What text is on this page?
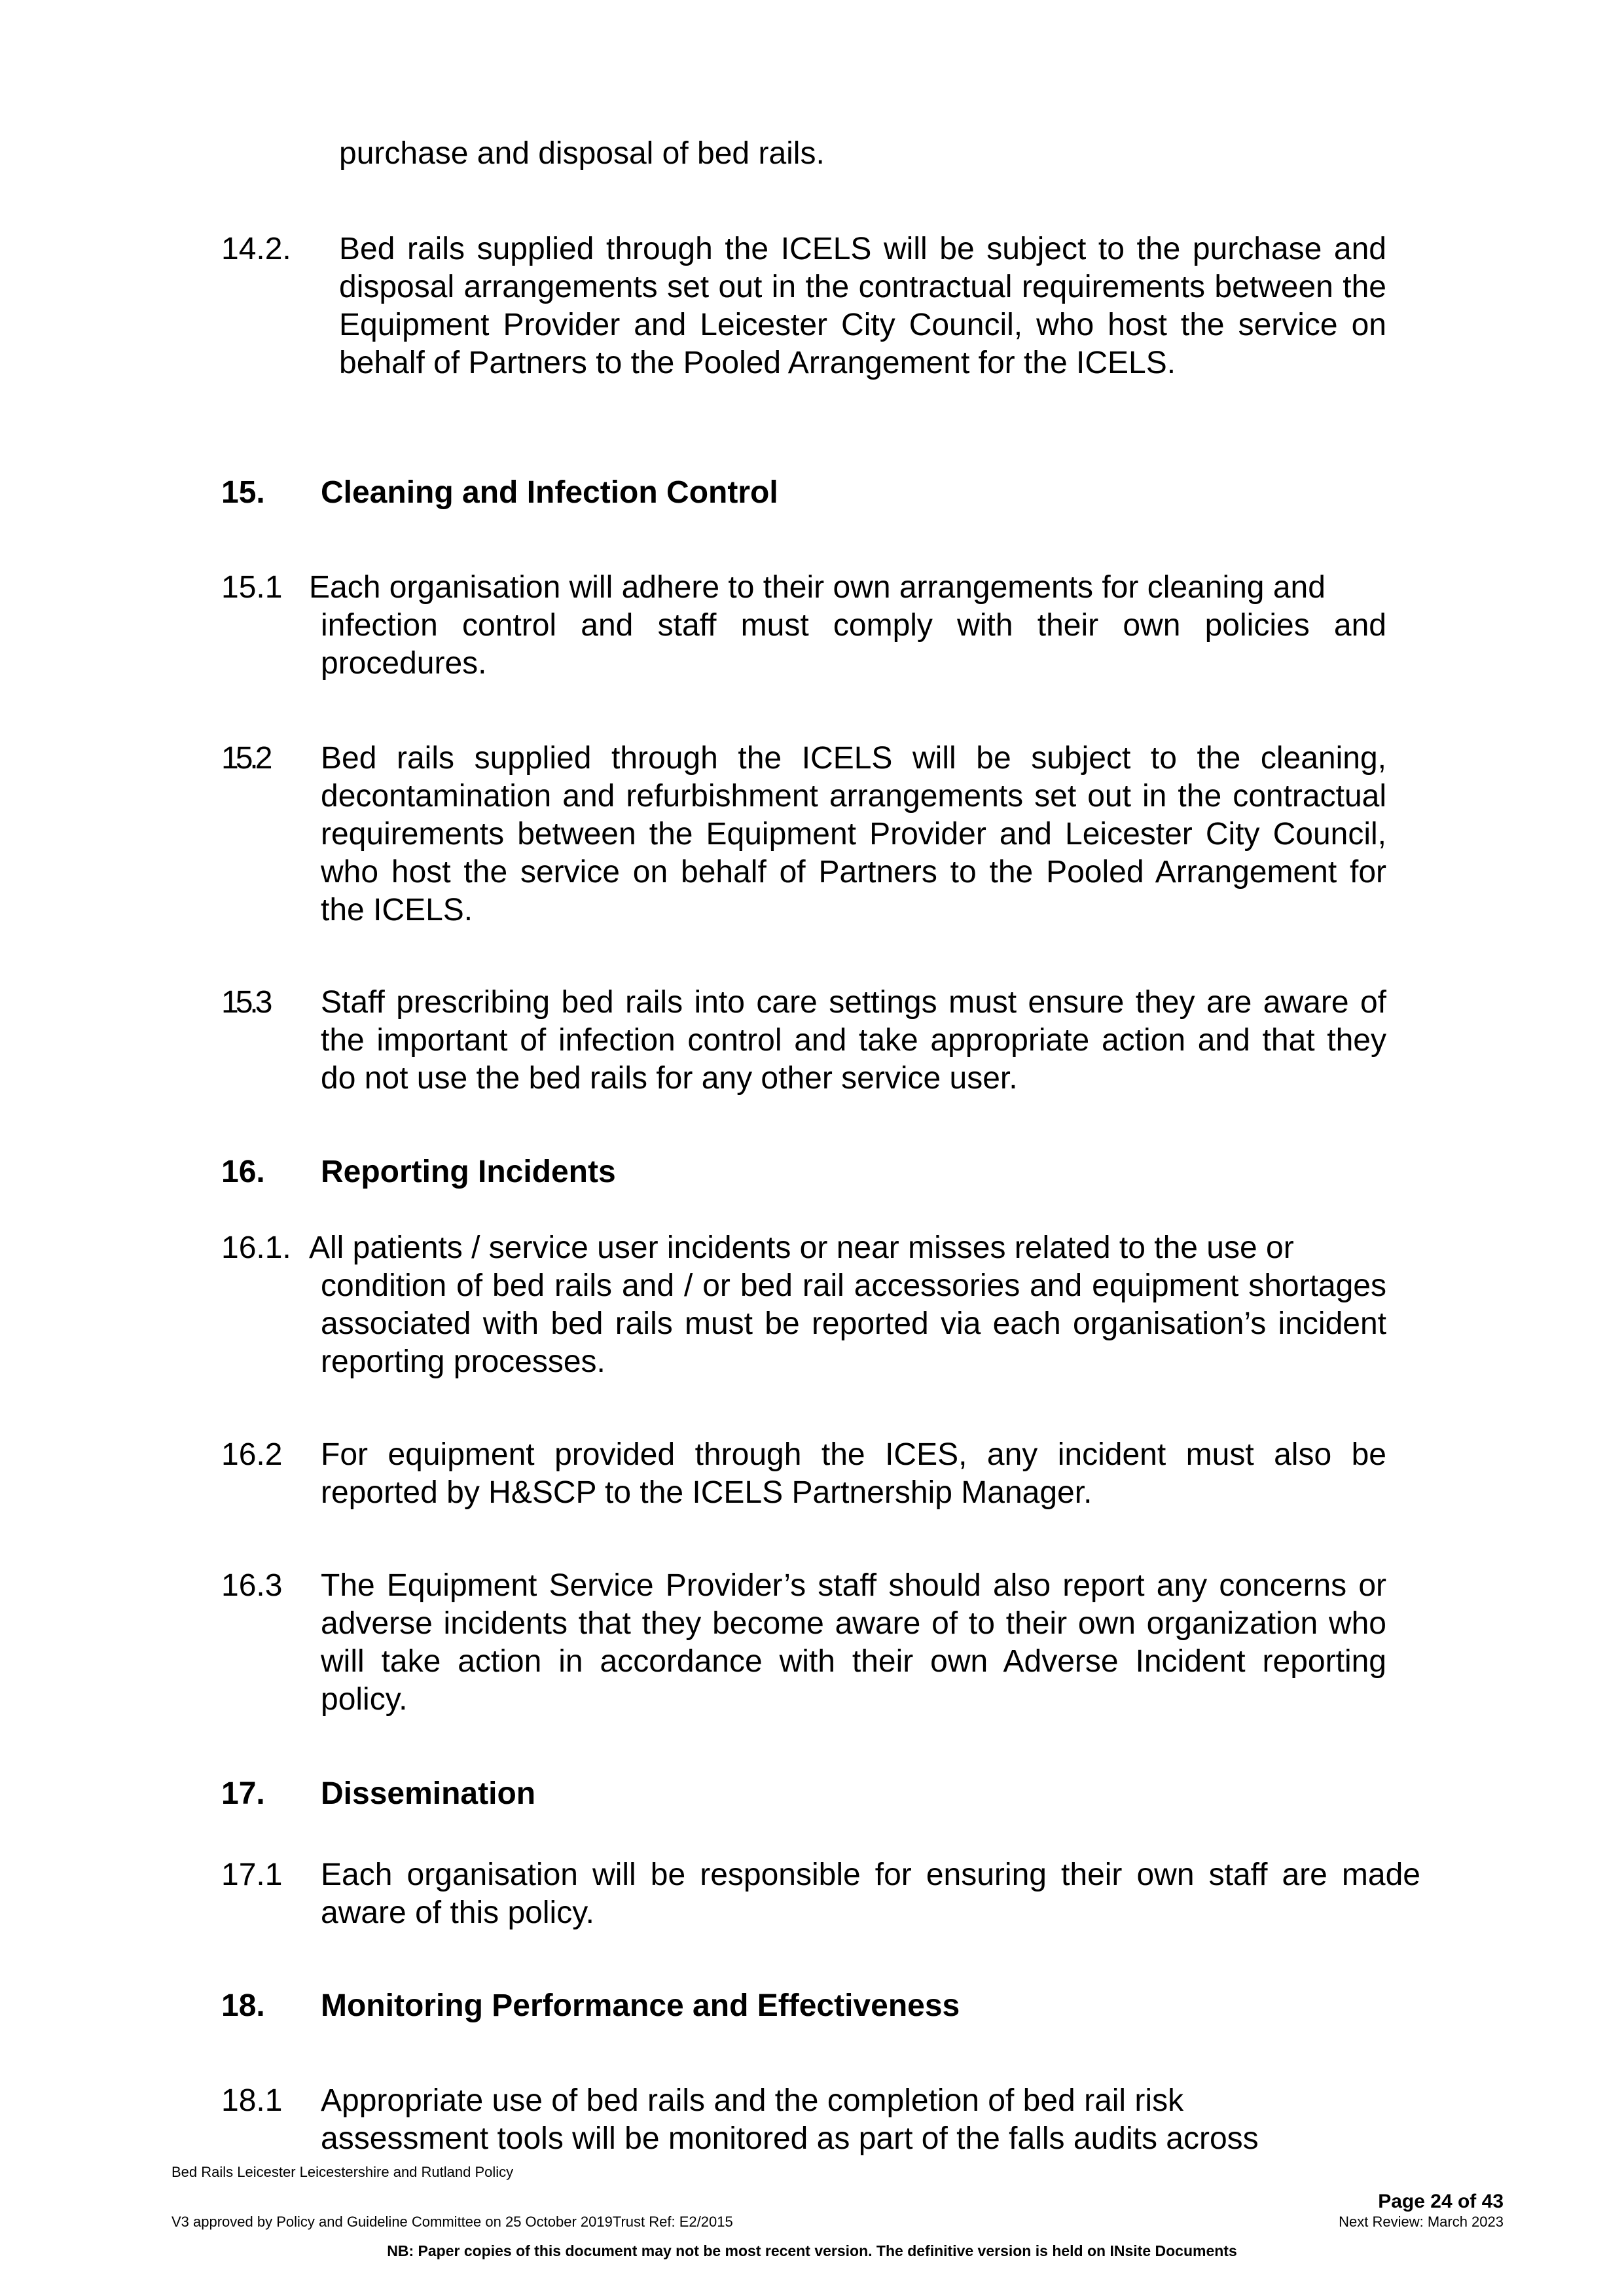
purchase and disposal of bed rails.

14.2. Bed rails supplied through the ICELS will be subject to the purchase and disposal arrangements set out in the contractual requirements between the Equipment Provider and Leicester City Council, who host the service on behalf of Partners to the Pooled Arrangement for the ICELS.

15. Cleaning and Infection Control

15.1 Each organisation will adhere to their own arrangements for cleaning and

infection control and staff must comply with their own policies and procedures.

15.2 Bed rails supplied through the ICELS will be subject to the cleaning, decontamination and refurbishment arrangements set out in the contractual requirements between the Equipment Provider and Leicester City Council, who host the service on behalf of Partners to the Pooled Arrangement for the ICELS.

15.3 Staff prescribing bed rails into care settings must ensure they are aware of the important of infection control and take appropriate action and that they do not use the bed rails for any other service user.

16. Reporting Incidents

16.1. All patients / service user incidents or near misses related to the use or

condition of bed rails and / or bed rail accessories and equipment shortages associated with bed rails must be reported via each organisation’s incident reporting processes.

16.2 For equipment provided through the ICES, any incident must also be reported by H&SCP to the ICELS Partnership Manager.

16.3 The Equipment Service Provider’s staff should also report any concerns or adverse incidents that they become aware of to their own organization who will take action in accordance with their own Adverse Incident reporting policy.

17. Dissemination

17.1 Each organisation will be responsible for ensuring their own staff are made aware of this policy.

18. Monitoring Performance and Effectiveness

18.1 Appropriate use of bed rails and the completion of bed rail risk

assessment tools will be monitored as part of the falls audits across

Bed Rails Leicester Leicestershire and Rutland Policy

Page 24 of 43

V3 approved by Policy and Guideline Committee on 25 October 2019Trust Ref: E2/2015	Next Review: March 2023

NB: Paper copies of this document may not be most recent version. The definitive version is held on INsite Documents
